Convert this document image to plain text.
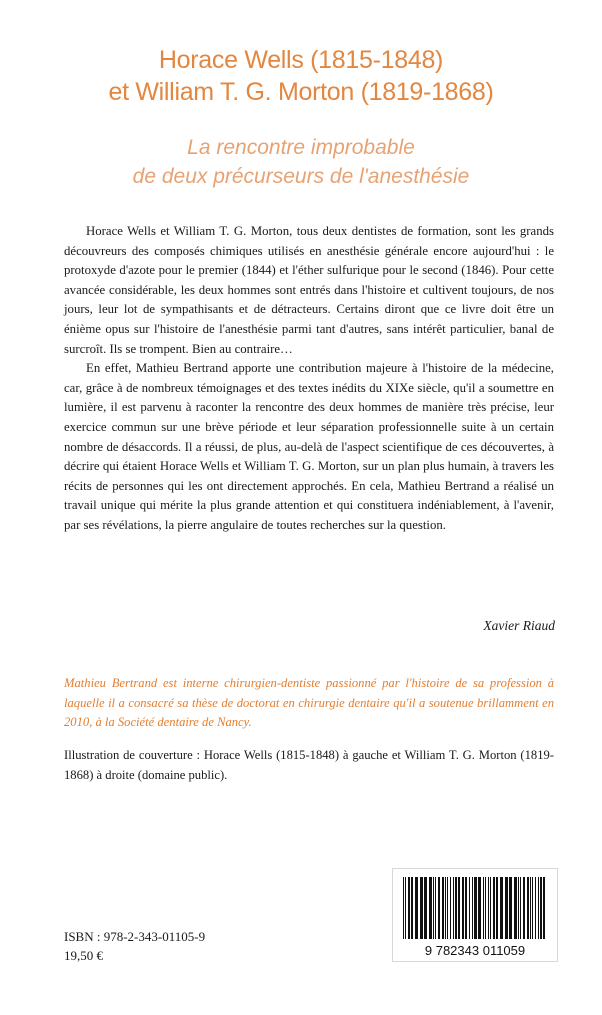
Horace Wells (1815-1848)
et William T. G. Morton (1819-1868)
La rencontre improbable
de deux précurseurs de l'anesthésie

Horace Wells et William T. G. Morton, tous deux dentistes de formation, sont les grands découvreurs des composés chimiques utilisés en anesthésie générale encore aujourd'hui : le protoxyde d'azote pour le premier (1844) et l'éther sulfurique pour le second (1846). Pour cette avancée considérable, les deux hommes sont entrés dans l'histoire et cultivent toujours, de nos jours, leur lot de sympathisants et de détracteurs. Certains diront que ce livre doit être un énième opus sur l'histoire de l'anesthésie parmi tant d'autres, sans intérêt particulier, banal de surcroît. Ils se trompent. Bien au contraire…

En effet, Mathieu Bertrand apporte une contribution majeure à l'histoire de la médecine, car, grâce à de nombreux témoignages et des textes inédits du XIXe siècle, qu'il a soumettre en lumière, il est parvenu à raconter la rencontre des deux hommes de manière très précise, leur exercice commun sur une brève période et leur séparation professionnelle suite à un certain nombre de désaccords. Il a réussi, de plus, au-delà de l'aspect scientifique de ces découvertes, à décrire qui étaient Horace Wells et William T. G. Morton, sur un plan plus humain, à travers les récits de personnes qui les ont directement approchés. En cela, Mathieu Bertrand a réalisé un travail unique qui mérite la plus grande attention et qui constituera indéniablement, à l'avenir, par ses révélations, la pierre angulaire de toutes recherches sur la question.

Xavier Riaud
Mathieu Bertrand est interne chirurgien-dentiste passionné par l'histoire de sa profession à laquelle il a consacré sa thèse de doctorat en chirurgie dentaire qu'il a soutenue brillamment en 2010, à la Société dentaire de Nancy.
Illustration de couverture : Horace Wells (1815-1848) à gauche et William T. G. Morton (1819-1868) à droite (domaine public).
ISBN : 978-2-343-01105-9
19,50 €	9 782343 011059
